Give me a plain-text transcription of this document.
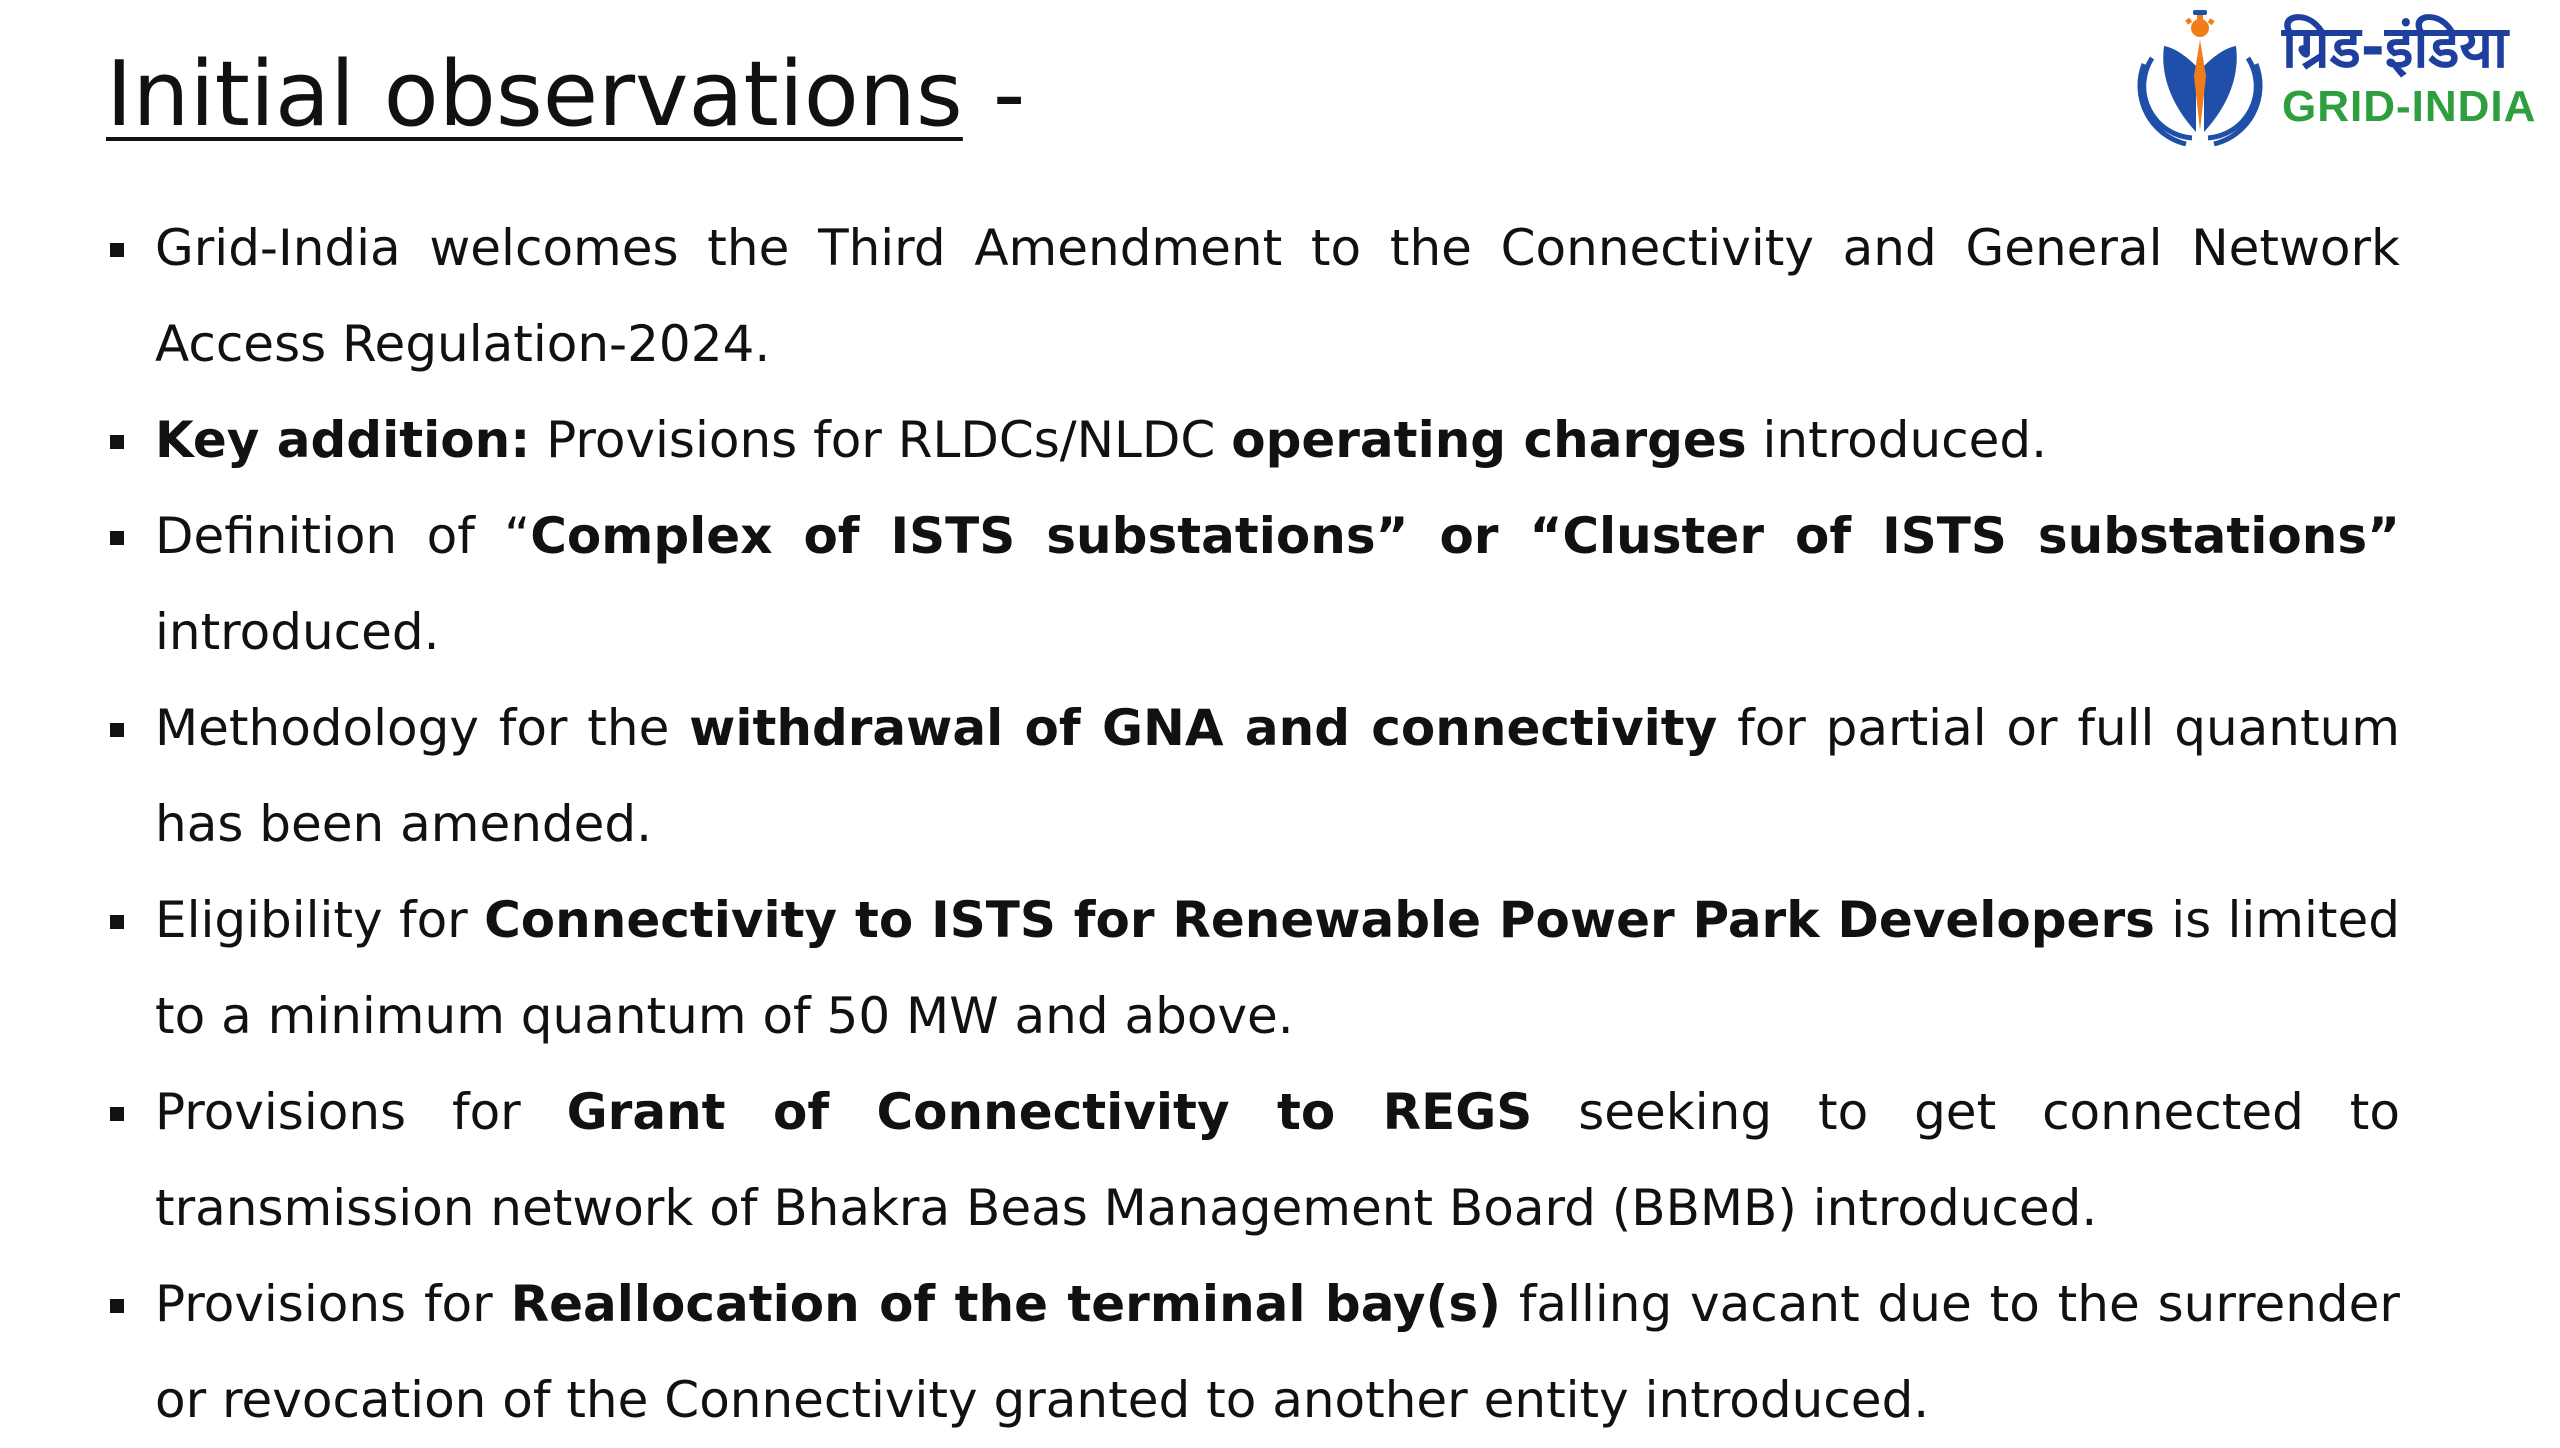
Initial observations -	ग्रिड-इंडिया
GRID-INDIA
Grid-India welcomes the Third Amendment to the Connectivity and General Network Access Regulation-2024.
Key addition: Provisions for RLDCs/NLDC operating charges introduced.
Definition of “Complex of ISTS substations” or “Cluster of ISTS substations” introduced.
Methodology for the withdrawal of GNA and connectivity for partial or full quantum has been amended.
Eligibility for Connectivity to ISTS for Renewable Power Park Developers is limited to a minimum quantum of 50 MW and above.
Provisions for Grant of Connectivity to REGS seeking to get connected to transmission network of Bhakra Beas Management Board (BBMB) introduced.
Provisions for Reallocation of the terminal bay(s) falling vacant due to the surrender or revocation of the Connectivity granted to another entity introduced.
